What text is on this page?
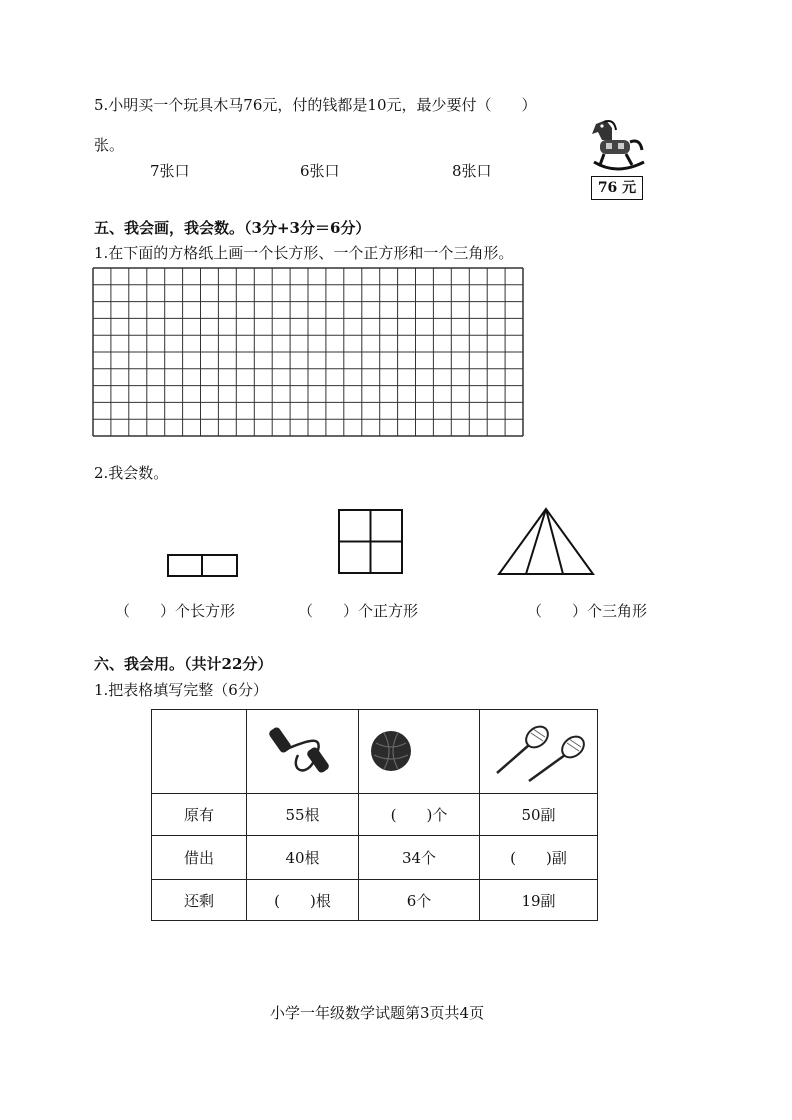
5.小明买一个玩具木马76元，付的钱都是10元，最少要付（　　）
张。
7张口	6张口	8张口
76 元
五、我会画，我会数。（3分+3分＝6分）
1.在下面的方格纸上画一个长方形、一个正方形和一个三角形。
2.我会数。
（　　）个长方形	（　　）个正方形	（　　）个三角形
六、我会用。（共计22分）
1.把表格填写完整（6分）

原有	55根	(　　)个	50副
借出	40根	34个	(　　)副
还剩	(　　)根	6个	19副
小学一年级数学试题第3页共4页
